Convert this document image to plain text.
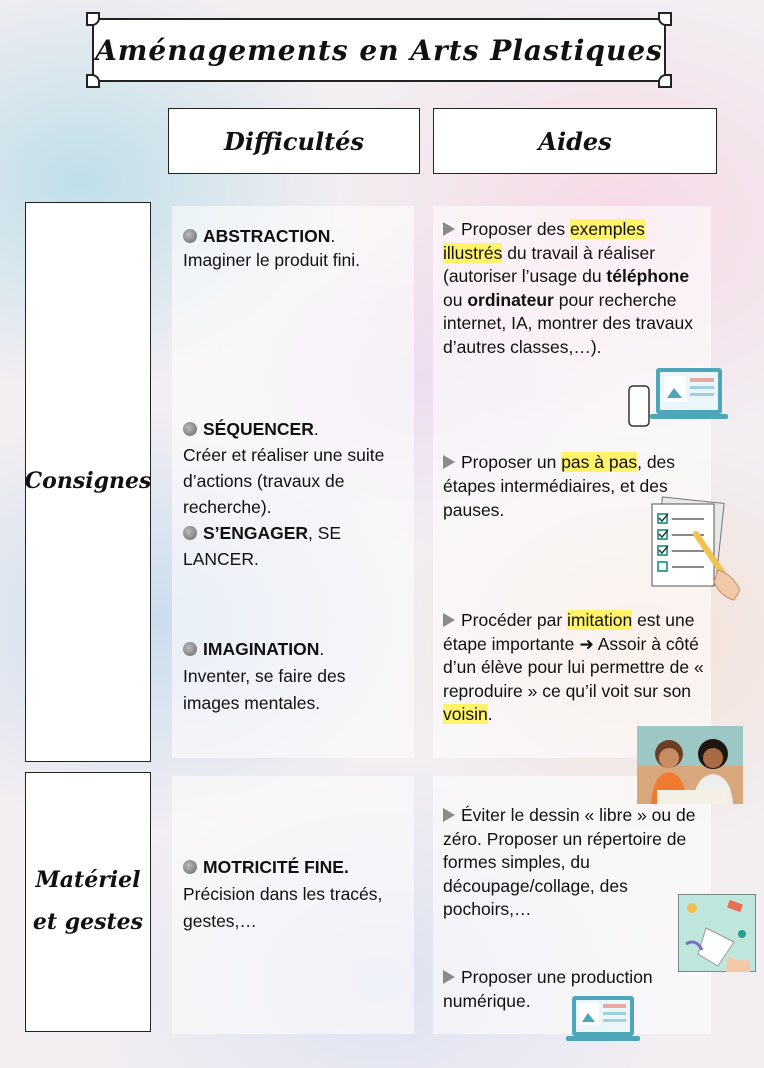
Aménagements en Arts Plastiques
Difficultés	Aides
Consignes
Matériel
et gestes
ABSTRACTION.
Imaginer le produit fini.
SÉQUENCER.
Créer et réaliser une suite d’actions (travaux de recherche).
S’ENGAGER, SE LANCER.
IMAGINATION.
Inventer, se faire des images mentales.
MOTRICITÉ FINE.
Précision dans les tracés, gestes,…
Proposer des exemples illustrés du travail à réaliser (autoriser l’usage du téléphone ou ordinateur pour recherche internet, IA, montrer des travaux d’autres classes,…).
Proposer un pas à pas, des étapes intermédiaires, et des pauses.
Procéder par imitation est une étape importante ➜ Assoir à côté d’un élève pour lui permettre de « reproduire » ce qu’il voit sur son voisin.
Éviter le dessin « libre » ou de zéro. Proposer un répertoire de formes simples, du découpage/collage, des pochoirs,…
Proposer une production numérique.
